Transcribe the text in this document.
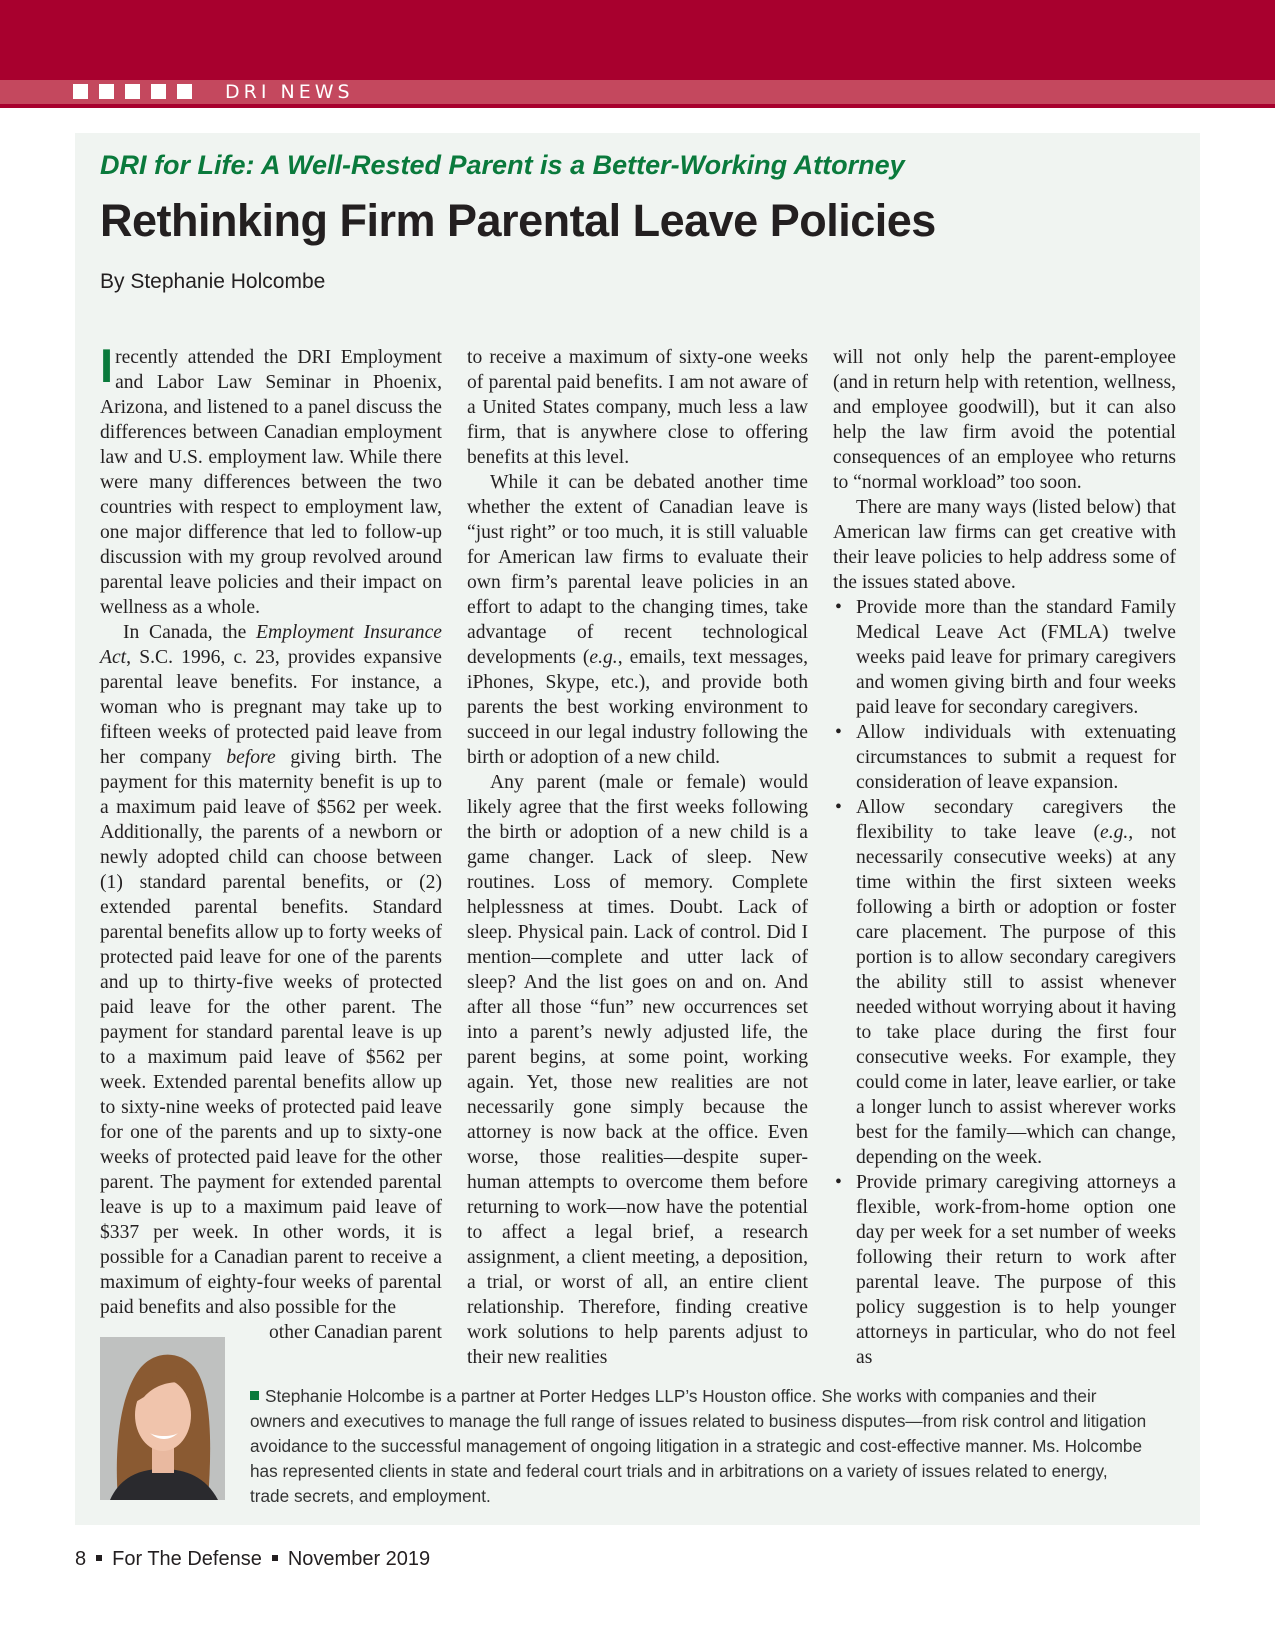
DRI NEWS
DRI for Life: A Well-Rested Parent is a Better-Working Attorney
Rethinking Firm Parental Leave Policies

By Stephanie Holcombe

Irecently attended the DRI Employment and Labor Law Seminar in Phoenix, Arizona, and listened to a panel discuss the differences between Canadian employment law and U.S. employment law. While there were many differences between the two countries with respect to employment law, one major difference that led to follow-up discussion with my group revolved around parental leave policies and their impact on wellness as a whole.

In Canada, the Employment Insurance Act, S.C. 1996, c. 23, provides expansive parental leave benefits. For instance, a woman who is pregnant may take up to fifteen weeks of protected paid leave from her company before giving birth. The payment for this maternity benefit is up to a maximum paid leave of $562 per week. Additionally, the parents of a newborn or newly adopted child can choose between (1) standard parental benefits, or (2) extended parental benefits. Standard parental benefits allow up to forty weeks of protected paid leave for one of the parents and up to thirty-five weeks of protected paid leave for the other parent. The payment for standard parental leave is up to a maximum paid leave of $562 per week. Extended parental benefits allow up to sixty-nine weeks of protected paid leave for one of the parents and up to sixty-one weeks of protected paid leave for the other parent. The payment for extended parental leave is up to a maximum paid leave of $337 per week. In other words, it is possible for a Canadian parent to receive a maximum of eighty-four weeks of parental paid benefits and also possible for the

other Canadian parent

to receive a maximum of sixty-one weeks of parental paid benefits. I am not aware of a United States company, much less a law firm, that is anywhere close to offering benefits at this level.

While it can be debated another time whether the extent of Canadian leave is “just right” or too much, it is still valuable for American law firms to evaluate their own firm’s parental leave policies in an effort to adapt to the changing times, take advantage of recent technological developments (e.g., emails, text messages, iPhones, Skype, etc.), and provide both parents the best working environment to succeed in our legal industry following the birth or adoption of a new child.

Any parent (male or female) would likely agree that the first weeks following the birth or adoption of a new child is a game changer. Lack of sleep. New routines. Loss of memory. Complete helplessness at times. Doubt. Lack of sleep. Physical pain. Lack of control. Did I mention—complete and utter lack of sleep? And the list goes on and on. And after all those “fun” new occurrences set into a parent’s newly adjusted life, the parent begins, at some point, working again. Yet, those new realities are not necessarily gone simply because the attorney is now back at the office. Even worse, those realities—despite super-human attempts to overcome them before returning to work—now have the potential to affect a legal brief, a research assignment, a client meeting, a deposition, a trial, or worst of all, an entire client relationship. Therefore, finding creative work solutions to help parents adjust to their new realities

will not only help the parent-employee (and in return help with retention, wellness, and employee goodwill), but it can also help the law firm avoid the potential consequences of an employee who returns to “normal workload” too soon.

There are many ways (listed below) that American law firms can get creative with their leave policies to help address some of the issues stated above.

• Provide more than the standard Family Medical Leave Act (FMLA) twelve weeks paid leave for primary caregivers and women giving birth and four weeks paid leave for secondary caregivers.
• Allow individuals with extenuating circumstances to submit a request for consideration of leave expansion.
• Allow secondary caregivers the flexibility to take leave (e.g., not necessarily consecutive weeks) at any time within the first sixteen weeks following a birth or adoption or foster care placement. The purpose of this portion is to allow secondary caregivers the ability still to assist whenever needed without worrying about it having to take place during the first four consecutive weeks. For example, they could come in later, leave earlier, or take a longer lunch to assist wherever works best for the family—which can change, depending on the week.
• Provide primary caregiving attorneys a flexible, work-from-home option one day per week for a set number of weeks following their return to work after parental leave. The purpose of this policy suggestion is to help younger attorneys in particular, who do not feel as

Stephanie Holcombe is a partner at Porter Hedges LLP’s Houston office. She works with companies and their owners and executives to manage the full range of issues related to business disputes—from risk control and litigation avoidance to the successful management of ongoing litigation in a strategic and cost-effective manner. Ms. Holcombe has represented clients in state and federal court trials and in arbitrations on a variety of issues related to energy, trade secrets, and employment.

8 For The Defense November 2019
